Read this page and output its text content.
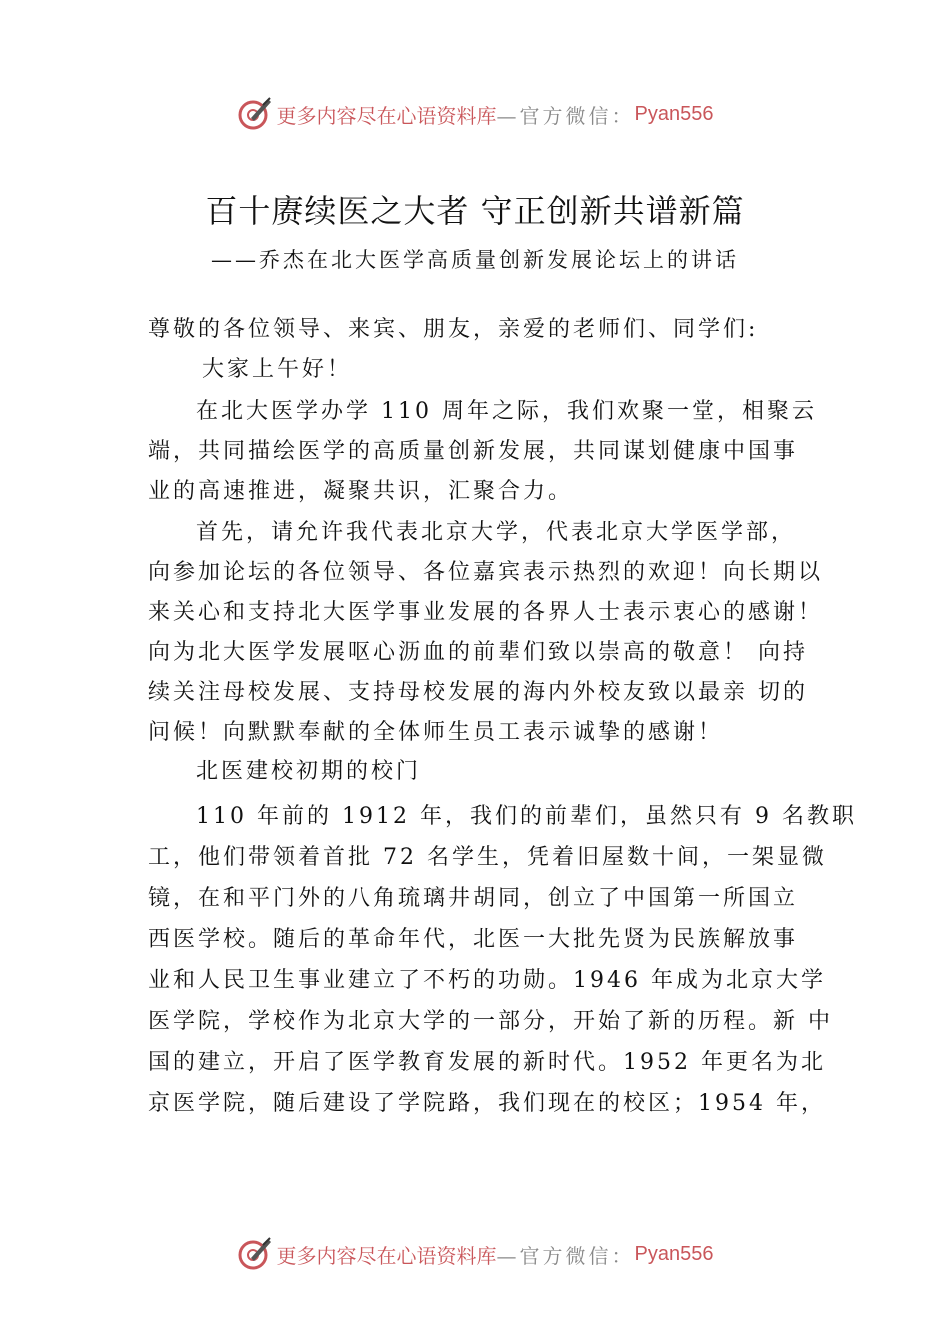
更多内容尽在心语资料库 —官方微信： Pyan556
百十赓续医之大者 守正创新共谱新篇
——乔杰在北大医学高质量创新发展论坛上的讲话
尊敬的各位领导、来宾、朋友，亲爱的老师们、同学们:
大家上午好！
在北大医学办学 110 周年之际，我们欢聚一堂，相聚云
端，共同描绘医学的高质量创新发展，共同谋划健康中国事
业的高速推进，凝聚共识，汇聚合力。
首先，请允许我代表北京大学，代表北京大学医学部，
向参加论坛的各位领导、各位嘉宾表示热烈的欢迎！向长期以
来关心和支持北大医学事业发展的各界人士表示衷心的感谢！
向为北大医学发展呕心沥血的前辈们致以崇高的敬意！ 向持
续关注母校发展、支持母校发展的海内外校友致以最亲 切的
问候！向默默奉献的全体师生员工表示诚挚的感谢！
北医建校初期的校门
110 年前的 1912 年，我们的前辈们，虽然只有 9 名教职
工，他们带领着首批 72 名学生，凭着旧屋数十间，一架显微
镜，在和平门外的八角琉璃井胡同，创立了中国第一所国立
西医学校。随后的革命年代，北医一大批先贤为民族解放事
业和人民卫生事业建立了不朽的功勋。1946 年成为北京大学
医学院，学校作为北京大学的一部分，开始了新的历程。新 中
国的建立，开启了医学教育发展的新时代。1952 年更名为北
京医学院，随后建设了学院路，我们现在的校区；1954 年，
更多内容尽在心语资料库 —官方微信： Pyan556
